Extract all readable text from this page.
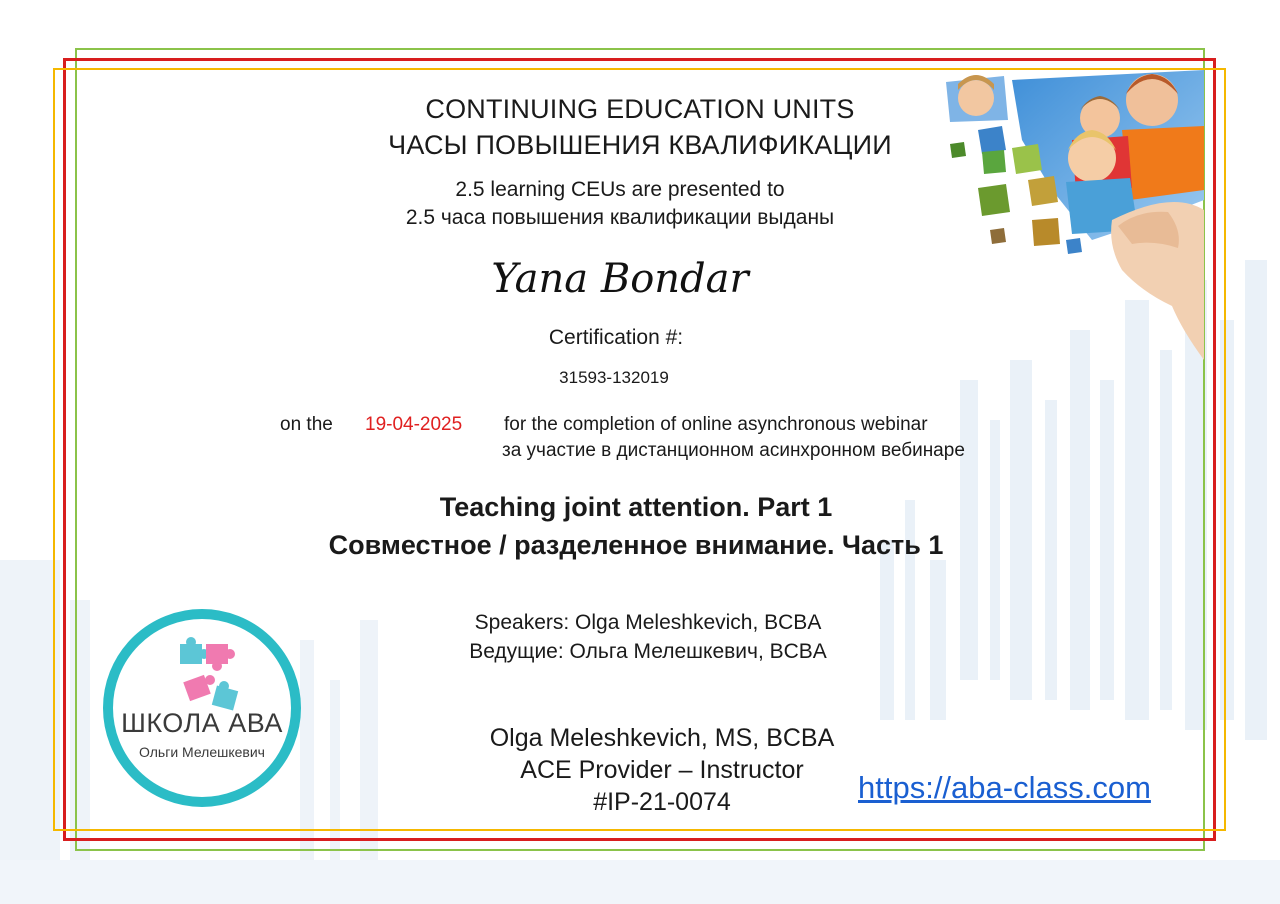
CONTINUING EDUCATION UNITS
ЧАСЫ ПОВЫШЕНИЯ КВАЛИФИКАЦИИ
2.5 learning CEUs are presented to
2.5 часа повышения квалификации выданы
Yana Bondar
Certification #:
31593-132019
on the 19-04-2025 for the completion of online asynchronous webinar
за участие в дистанционном асинхронном вебинаре
Teaching joint attention. Part 1
Совместное / разделенное внимание. Часть 1
Speakers: Olga Meleshkevich, BCBA
Ведущие: Ольга Мелешкевич, BCBA
Olga Meleshkevich, MS, BCBA
ACE Provider – Instructor
#IP-21-0074	https://aba-class.com
ШКОЛА АВА
Ольги Мелешкевич
